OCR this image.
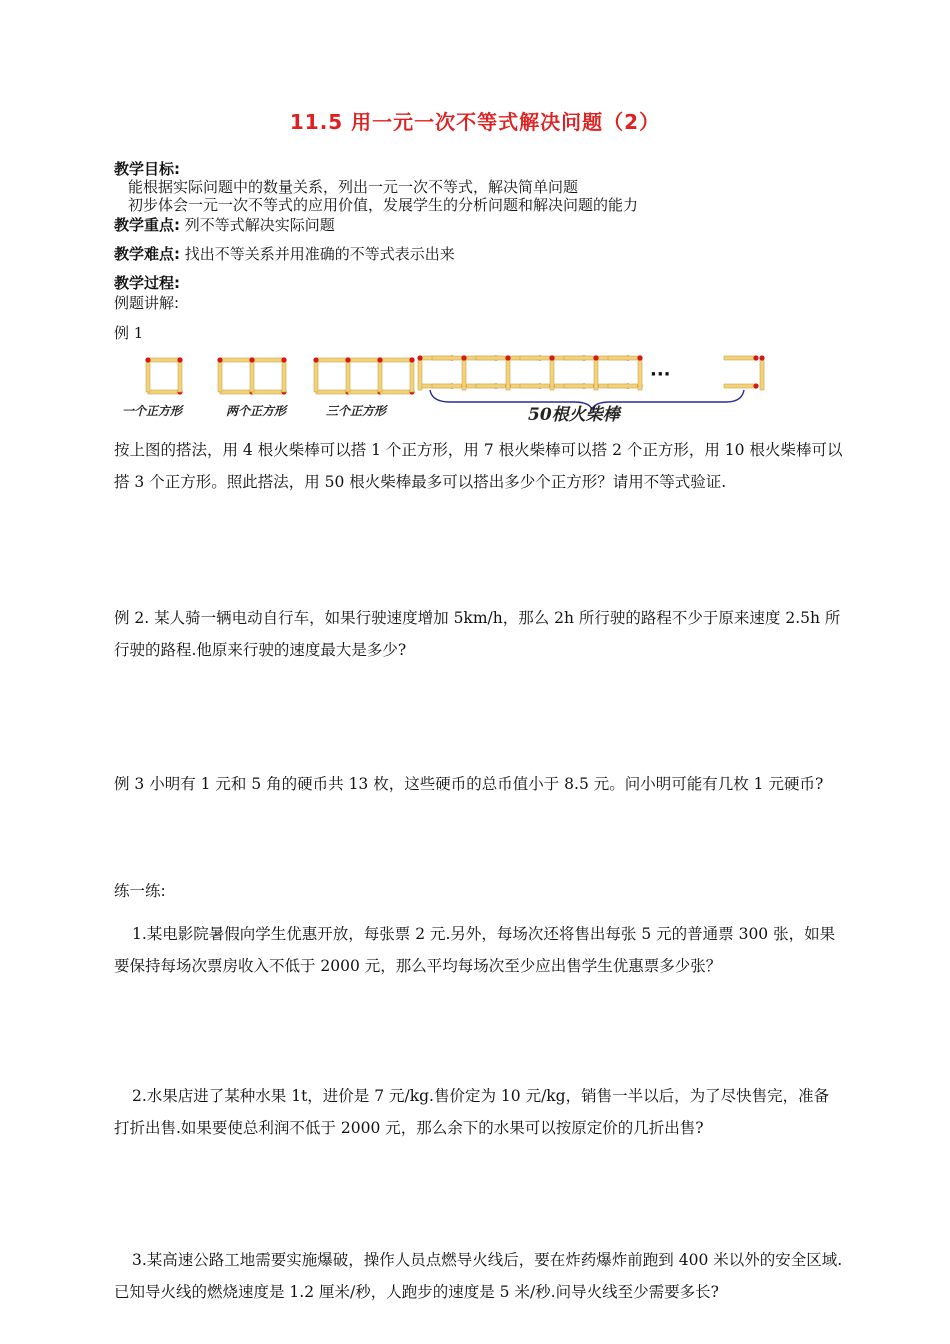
11.5 用一元一次不等式解决问题（2）
教学目标:
能根据实际问题中的数量关系，列出一元一次不等式，解决简单问题
初步体会一元一次不等式的应用价值，发展学生的分析问题和解决问题的能力
教学重点: 列不等式解决实际问题
教学难点: 找出不等关系并用准确的不等式表示出来
教学过程:
例题讲解:
例 1
···
一个正方形	两个正方形	三个正方形	50根火柴棒
按上图的搭法，用 4 根火柴棒可以搭 1 个正方形，用 7 根火柴棒可以搭 2 个正方形，用 10 根火柴棒可以搭 3 个正方形。照此搭法，用 50 根火柴棒最多可以搭出多少个正方形？请用不等式验证.
例 2. 某人骑一辆电动自行车，如果行驶速度增加 5km/h，那么 2h 所行驶的路程不少于原来速度 2.5h 所行驶的路程.他原来行驶的速度最大是多少?
例 3 小明有 1 元和 5 角的硬币共 13 枚，这些硬币的总币值小于 8.5 元。问小明可能有几枚 1 元硬币?
练一练:
1.某电影院暑假向学生优惠开放，每张票 2 元.另外，每场次还将售出每张 5 元的普通票 300 张，如果要保持每场次票房收入不低于 2000 元，那么平均每场次至少应出售学生优惠票多少张？
2.水果店进了某种水果 1t，进价是 7 元/kg.售价定为 10 元/kg，销售一半以后，为了尽快售完，准备打折出售.如果要使总利润不低于 2000 元，那么余下的水果可以按原定价的几折出售?
3.某高速公路工地需要实施爆破，操作人员点燃导火线后，要在炸药爆炸前跑到 400 米以外的安全区域.已知导火线的燃烧速度是 1.2 厘米/秒，人跑步的速度是 5 米/秒.问导火线至少需要多长?
